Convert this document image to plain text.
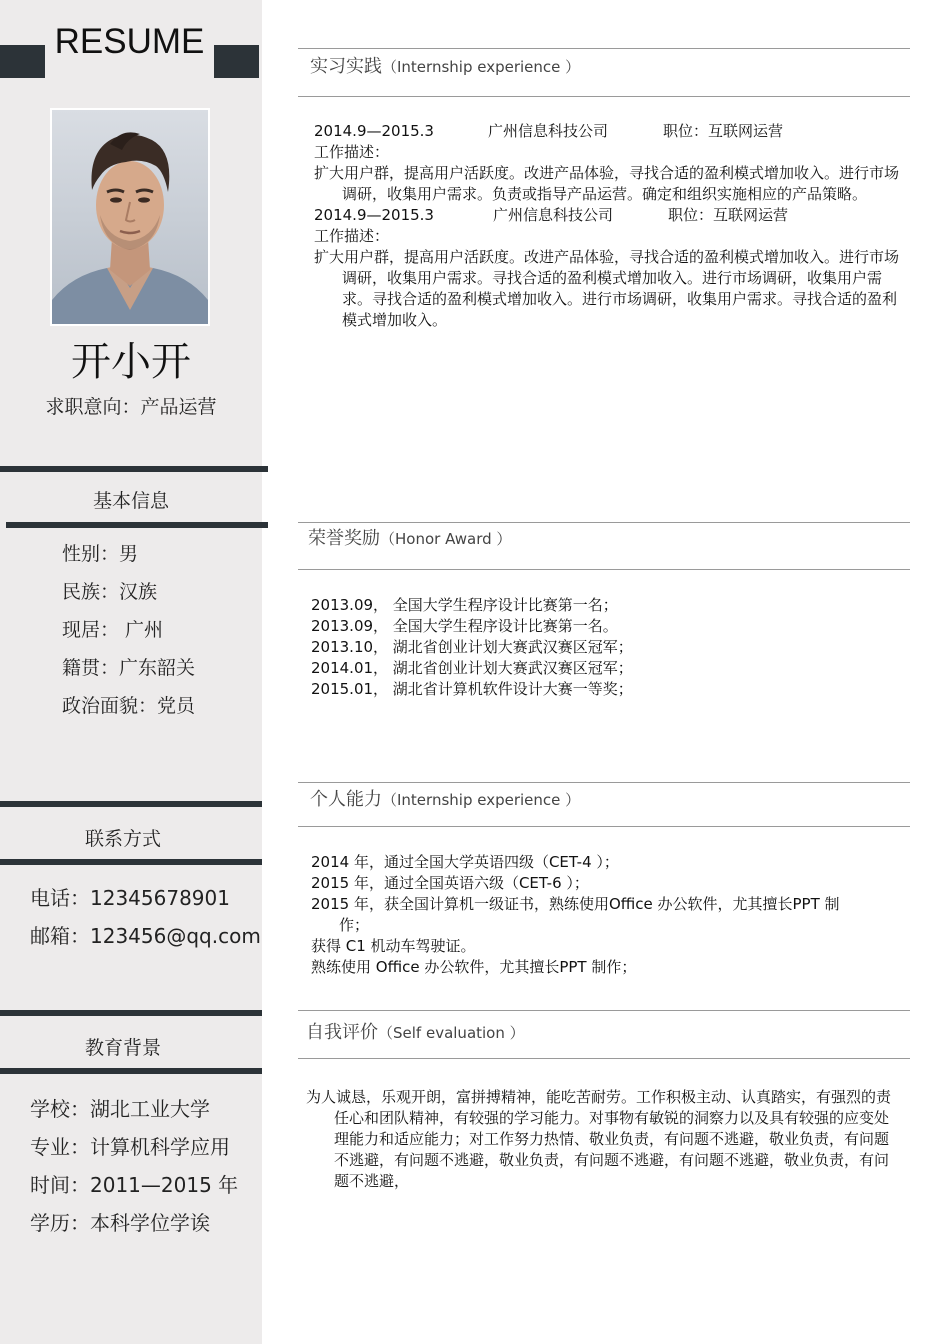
RESUME
开小开
求职意向：产品运营
基本信息
性别：男
民族：汉族
现居： 广州
籍贯：广东韶关
政治面貌：党员
联系方式
电话：12345678901
邮箱：123456@qq.com
教育背景
学校：湖北工业大学
专业：计算机科学应用
时间：2011—2015 年
学历：本科学位学诶
实习实践（Internship experience ）
2014.9—2015.3	广州信息科技公司	职位：互联网运营
工作描述：
扩大用户群，提高用户活跃度。改进产品体验，寻找合适的盈利模式增加收入。进行市场调研，收集用户需求。负责或指导产品运营。确定和组织实施相应的产品策略。
2014.9—2015.3	广州信息科技公司	职位：互联网运营
工作描述：
扩大用户群，提高用户活跃度。改进产品体验，寻找合适的盈利模式增加收入。进行市场调研，收集用户需求。寻找合适的盈利模式增加收入。进行市场调研，收集用户需求。寻找合适的盈利模式增加收入。进行市场调研，收集用户需求。寻找合适的盈利模式增加收入。
荣誉奖励（Honor Award ）
2013.09， 全国大学生程序设计比赛第一名；
2013.09， 全国大学生程序设计比赛第一名。
2013.10， 湖北省创业计划大赛武汉赛区冠军；
2014.01， 湖北省创业计划大赛武汉赛区冠军；
2015.01， 湖北省计算机软件设计大赛一等奖；
个人能力（Internship experience ）
2014 年，通过全国大学英语四级（CET-4 ）；
2015 年，通过全国英语六级（CET-6 ）；
2015 年，获全国计算机一级证书，熟练使用Office 办公软件，尤其擅长PPT 制作；
获得 C1 机动车驾驶证。
熟练使用 Office 办公软件，尤其擅长PPT 制作；
自我评价（Self evaluation ）
为人诚恳，乐观开朗，富拼搏精神，能吃苦耐劳。工作积极主动、认真踏实，有强烈的责任心和团队精神，有较强的学习能力。对事物有敏锐的洞察力以及具有较强的应变处理能力和适应能力；对工作努力热情、敬业负责，有问题不逃避，敬业负责，有问题不逃避，有问题不逃避，敬业负责，有问题不逃避，有问题不逃避，敬业负责，有问题不逃避，
